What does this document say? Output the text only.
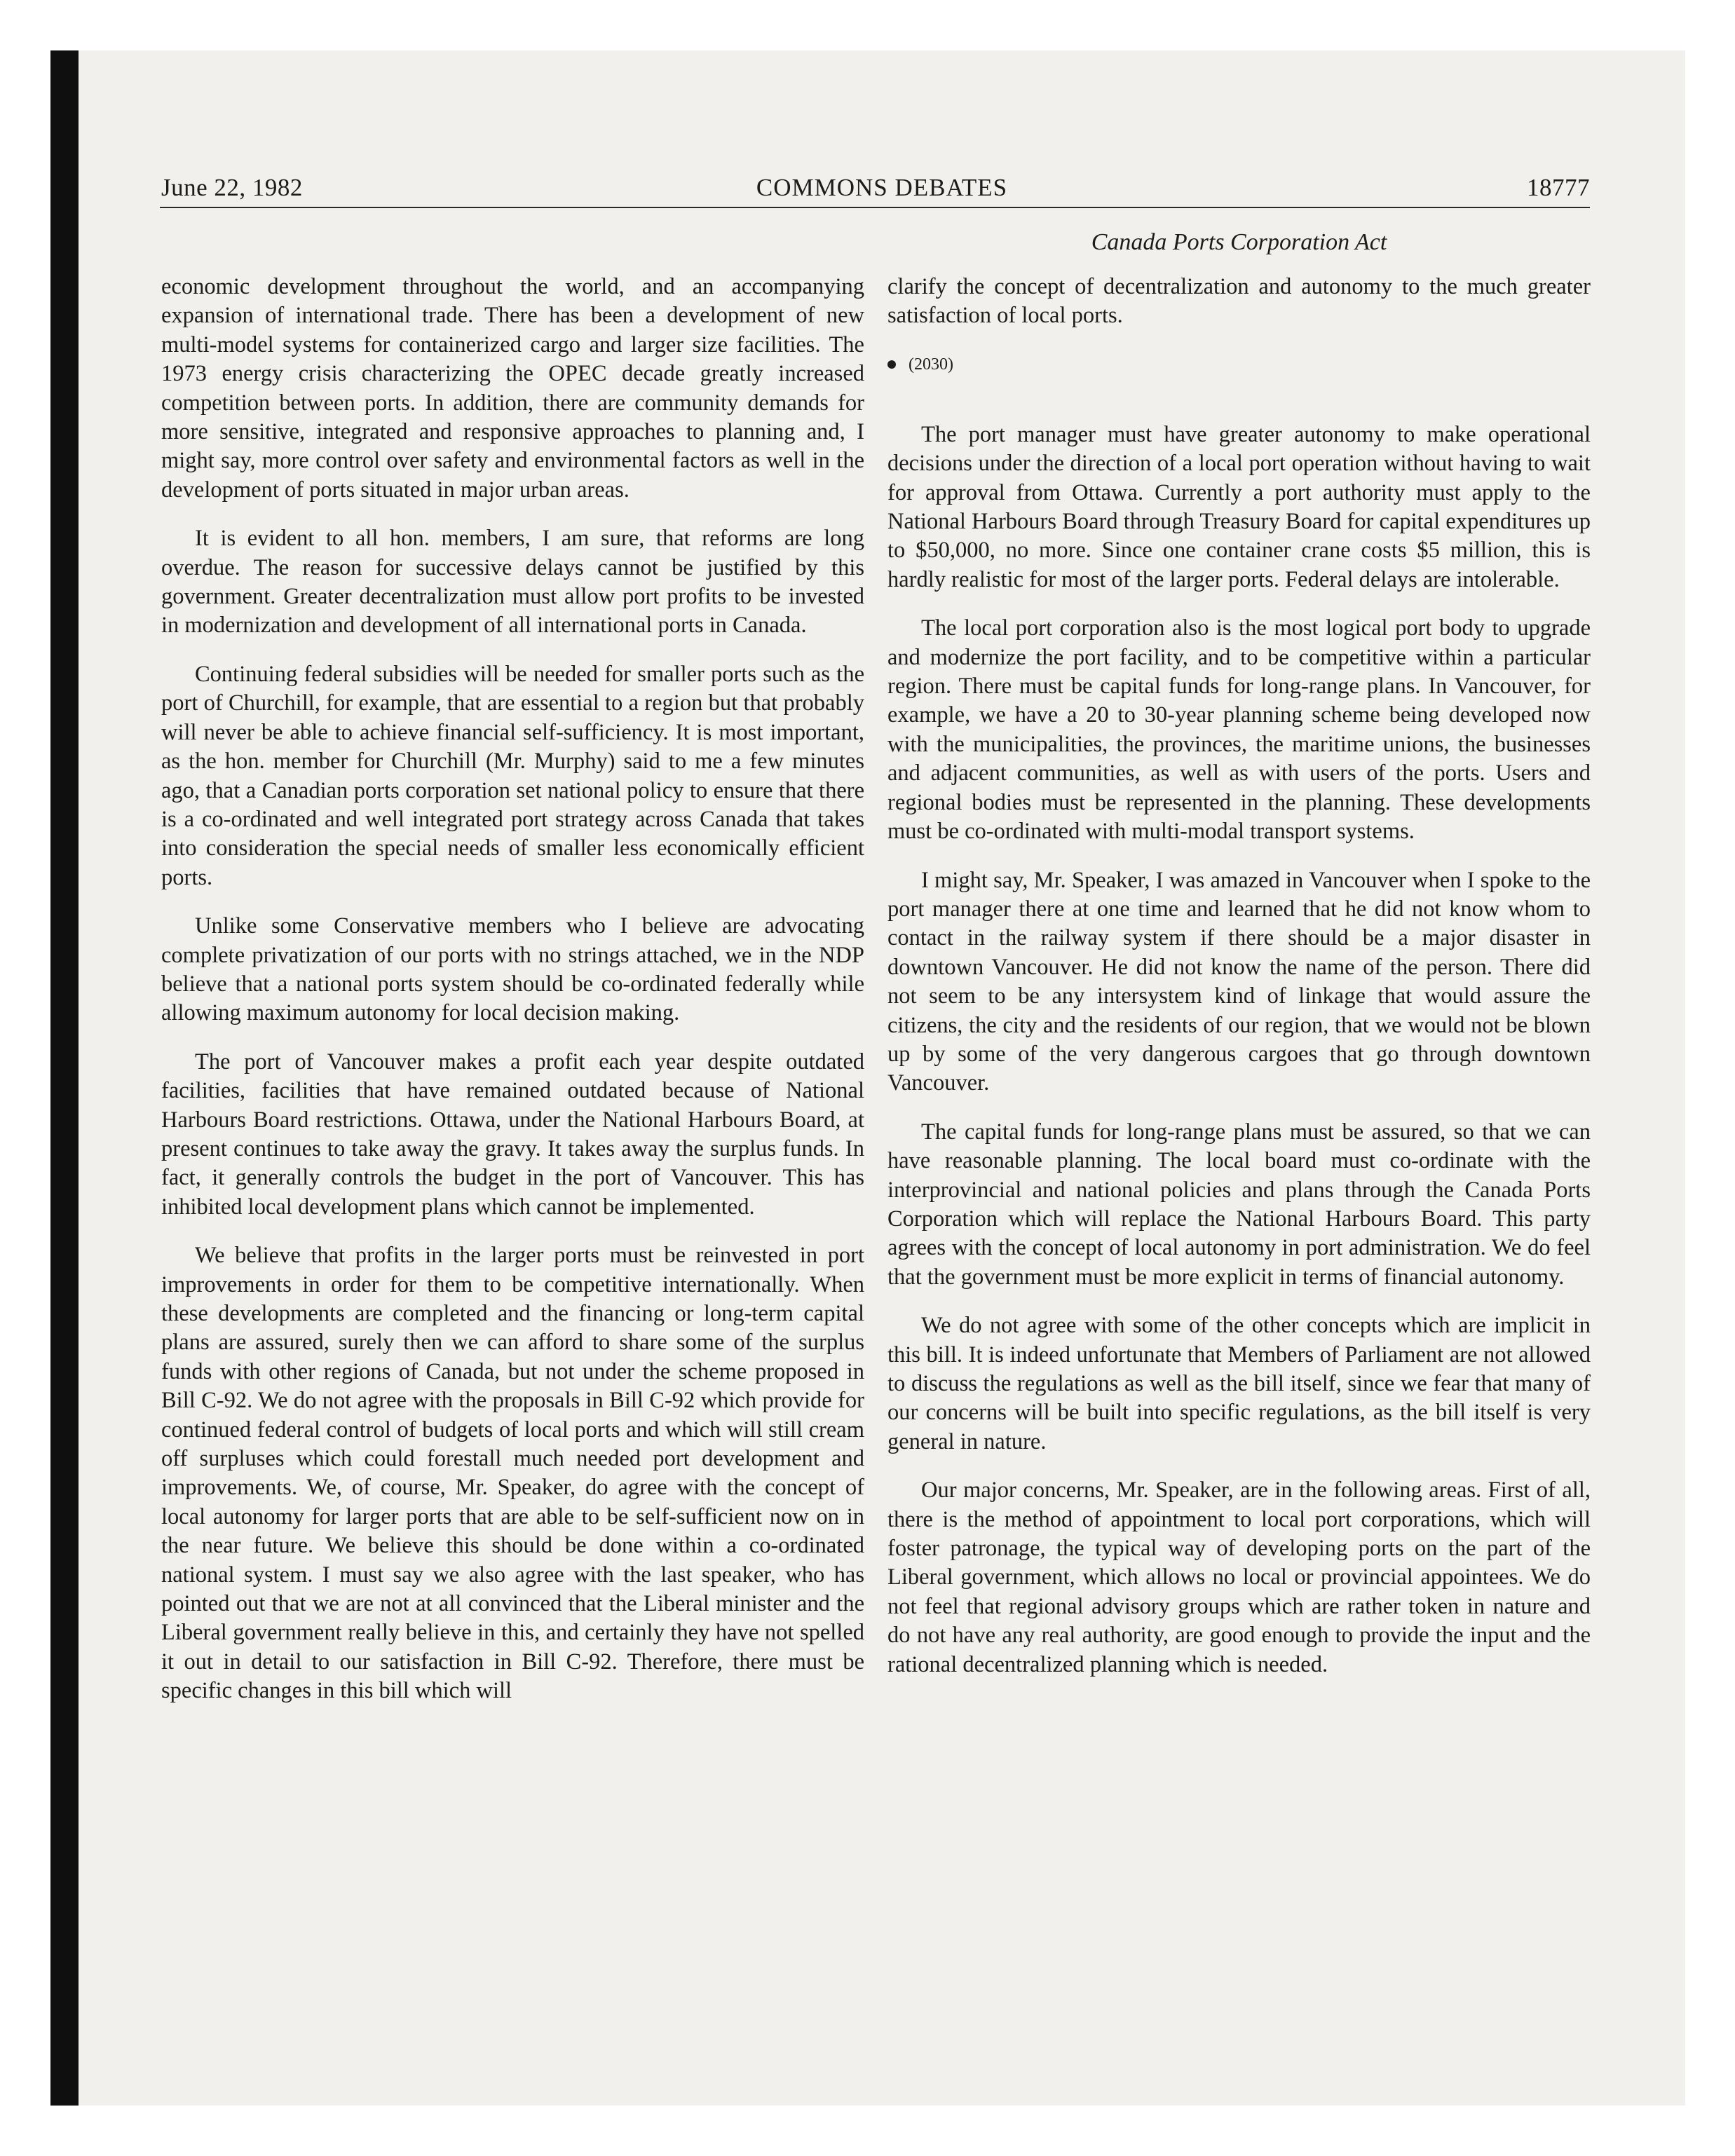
June 22, 1982	COMMONS DEBATES	18777
Canada Ports Corporation Act

economic development throughout the world, and an accompanying expansion of international trade. There has been a development of new multi-model systems for containerized cargo and larger size facilities. The 1973 energy crisis characterizing the OPEC decade greatly increased competition between ports. In addition, there are community demands for more sensitive, integrated and responsive approaches to planning and, I might say, more control over safety and environmental factors as well in the development of ports situated in major urban areas.

It is evident to all hon. members, I am sure, that reforms are long overdue. The reason for successive delays cannot be justified by this government. Greater decentralization must allow port profits to be invested in modernization and development of all international ports in Canada.

Continuing federal subsidies will be needed for smaller ports such as the port of Churchill, for example, that are essential to a region but that probably will never be able to achieve financial self-sufficiency. It is most important, as the hon. member for Churchill (Mr. Murphy) said to me a few minutes ago, that a Canadian ports corporation set national policy to ensure that there is a co-ordinated and well integrated port strategy across Canada that takes into consideration the special needs of smaller less economically efficient ports.

Unlike some Conservative members who I believe are advocating complete privatization of our ports with no strings attached, we in the NDP believe that a national ports system should be co-ordinated federally while allowing maximum autonomy for local decision making.

The port of Vancouver makes a profit each year despite outdated facilities, facilities that have remained outdated because of National Harbours Board restrictions. Ottawa, under the National Harbours Board, at present continues to take away the gravy. It takes away the surplus funds. In fact, it generally controls the budget in the port of Vancouver. This has inhibited local development plans which cannot be implemented.

We believe that profits in the larger ports must be reinvested in port improvements in order for them to be competitive internationally. When these developments are completed and the financing or long-term capital plans are assured, surely then we can afford to share some of the surplus funds with other regions of Canada, but not under the scheme proposed in Bill C-92. We do not agree with the proposals in Bill C-92 which provide for continued federal control of budgets of local ports and which will still cream off surpluses which could forestall much needed port development and improvements. We, of course, Mr. Speaker, do agree with the concept of local autonomy for larger ports that are able to be self-sufficient now on in the near future. We believe this should be done within a co-ordinated national system. I must say we also agree with the last speaker, who has pointed out that we are not at all convinced that the Liberal minister and the Liberal government really believe in this, and certainly they have not spelled it out in detail to our satisfaction in Bill C-92. Therefore, there must be specific changes in this bill which will

clarify the concept of decentralization and autonomy to the much greater satisfaction of local ports.

(2030)

The port manager must have greater autonomy to make operational decisions under the direction of a local port operation without having to wait for approval from Ottawa. Currently a port authority must apply to the National Harbours Board through Treasury Board for capital expenditures up to $50,000, no more. Since one container crane costs $5 million, this is hardly realistic for most of the larger ports. Federal delays are intolerable.

The local port corporation also is the most logical port body to upgrade and modernize the port facility, and to be competitive within a particular region. There must be capital funds for long-range plans. In Vancouver, for example, we have a 20 to 30-year planning scheme being developed now with the municipalities, the provinces, the maritime unions, the businesses and adjacent communities, as well as with users of the ports. Users and regional bodies must be represented in the planning. These developments must be co-ordinated with multi-modal transport systems.

I might say, Mr. Speaker, I was amazed in Vancouver when I spoke to the port manager there at one time and learned that he did not know whom to contact in the railway system if there should be a major disaster in downtown Vancouver. He did not know the name of the person. There did not seem to be any intersystem kind of linkage that would assure the citizens, the city and the residents of our region, that we would not be blown up by some of the very dangerous cargoes that go through downtown Vancouver.

The capital funds for long-range plans must be assured, so that we can have reasonable planning. The local board must co-ordinate with the interprovincial and national policies and plans through the Canada Ports Corporation which will replace the National Harbours Board. This party agrees with the concept of local autonomy in port administration. We do feel that the government must be more explicit in terms of financial autonomy.

We do not agree with some of the other concepts which are implicit in this bill. It is indeed unfortunate that Members of Parliament are not allowed to discuss the regulations as well as the bill itself, since we fear that many of our concerns will be built into specific regulations, as the bill itself is very general in nature.

Our major concerns, Mr. Speaker, are in the following areas. First of all, there is the method of appointment to local port corporations, which will foster patronage, the typical way of developing ports on the part of the Liberal government, which allows no local or provincial appointees. We do not feel that regional advisory groups which are rather token in nature and do not have any real authority, are good enough to provide the input and the rational decentralized planning which is needed.
